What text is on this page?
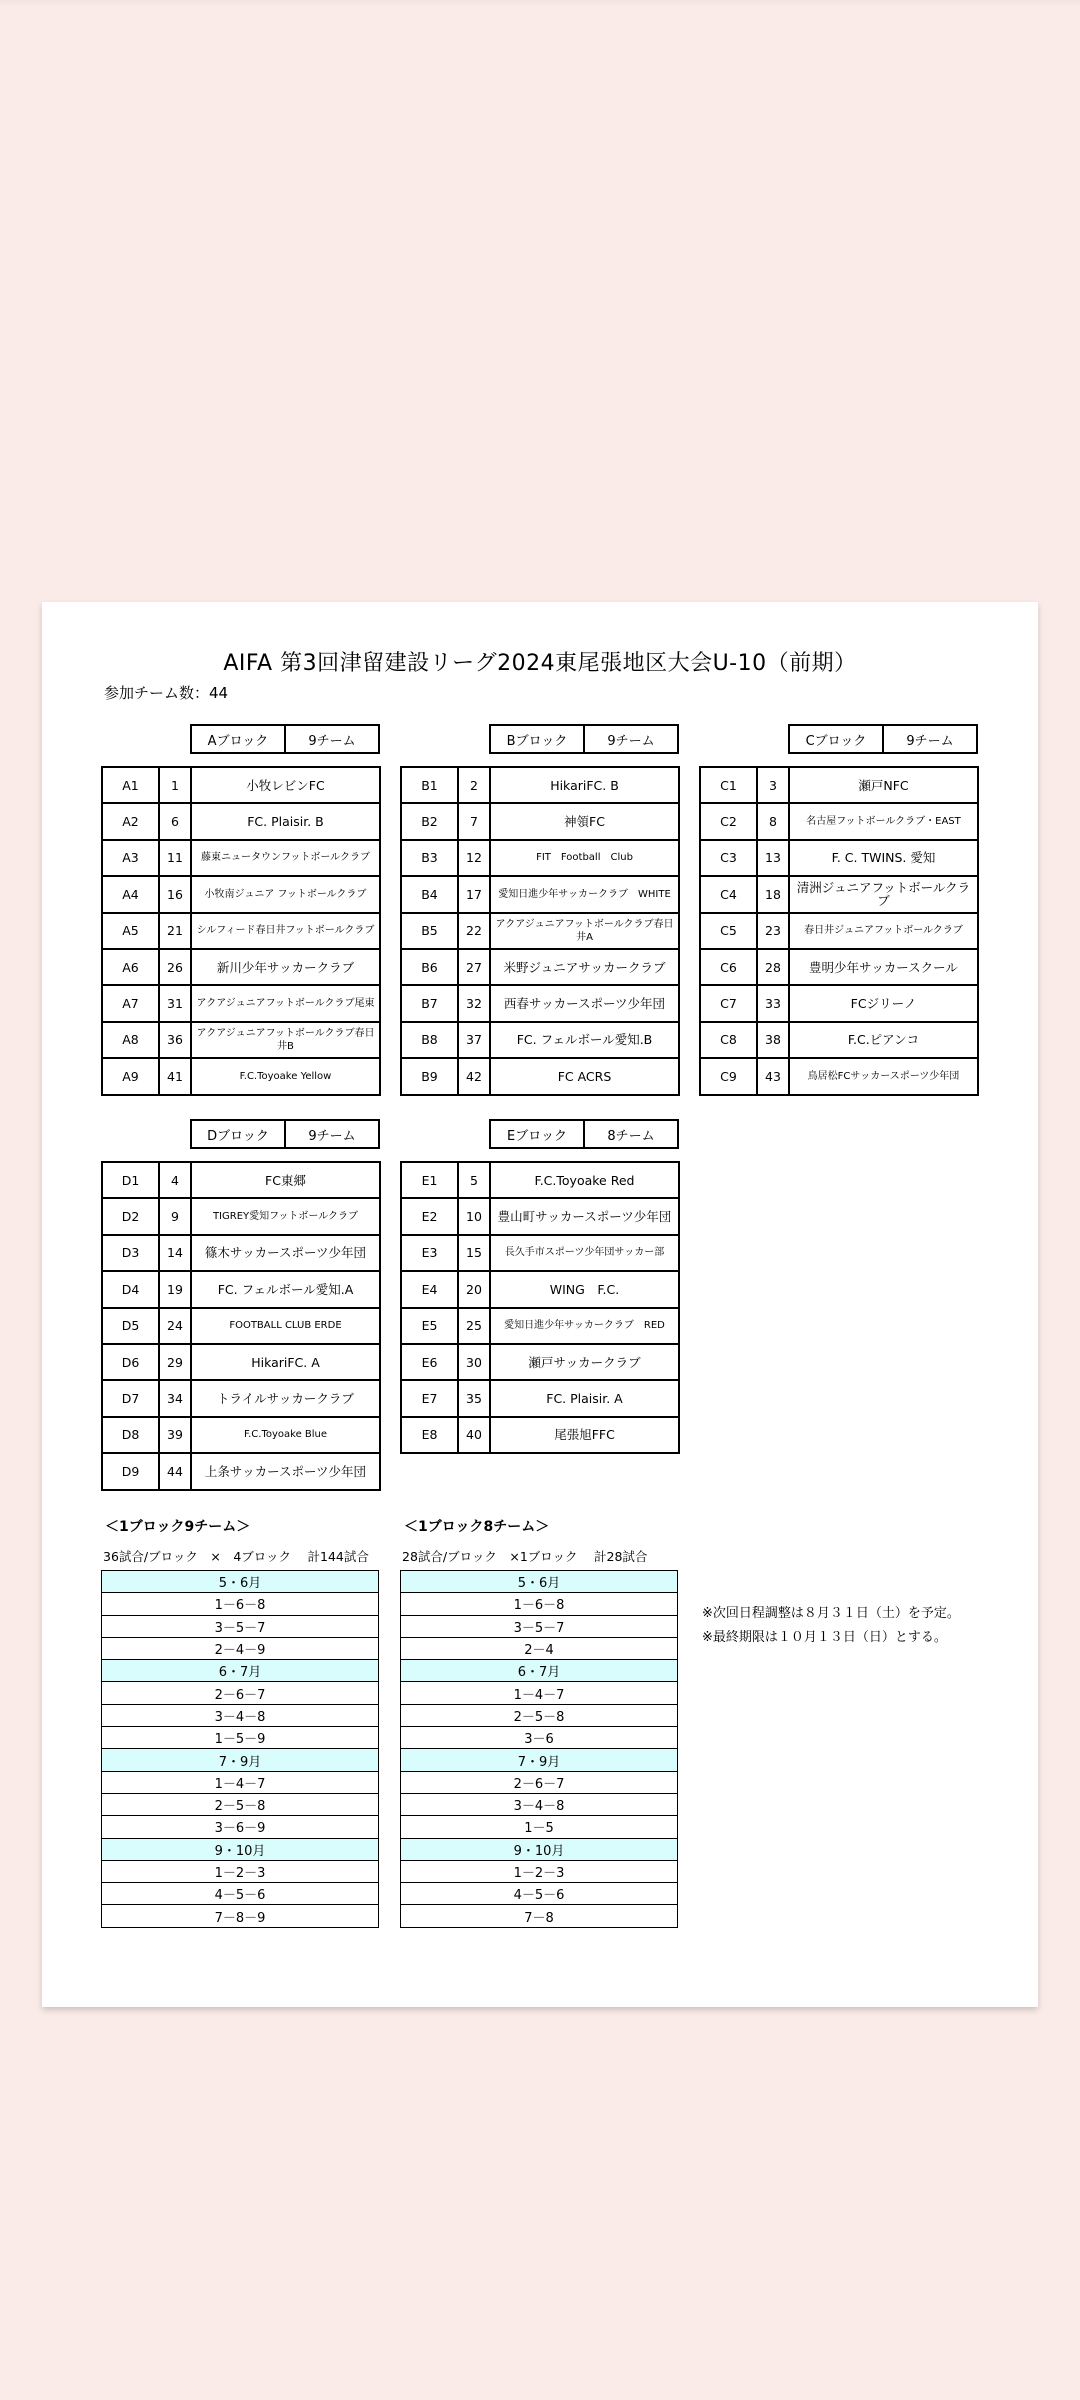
AIFA 第3回津留建設リーグ2024東尾張地区大会U-10（前期）
参加チーム数：44
Aブロック	9チーム
A1	1	小牧レビンFC
A2	6	FC. Plaisir. B
A3	11	藤東ニュータウンフットボールクラブ
A4	16	小牧南ジュニア フットボールクラブ
A5	21	シルフィード春日井フットボールクラブ
A6	26	新川少年サッカークラブ
A7	31	アクアジュニアフットボールクラブ尾東
A8	36	アクアジュニアフットボールクラブ春日井B
A9	41	F.C.Toyoake Yellow
Bブロック	9チーム
B1	2	HikariFC. B
B2	7	神領FC
B3	12	FIT　Football　Club
B4	17	愛知日進少年サッカークラブ　WHITE
B5	22	アクアジュニアフットボールクラブ春日井A
B6	27	米野ジュニアサッカークラブ
B7	32	西春サッカースポーツ少年団
B8	37	FC. フェルボール愛知.B
B9	42	FC ACRS
Cブロック	9チーム
C1	3	瀬戸NFC
C2	8	名古屋フットボールクラブ・EAST
C3	13	F. C. TWINS. 愛知
C4	18	清洲ジュニアフットボールクラブ
C5	23	春日井ジュニアフットボールクラブ
C6	28	豊明少年サッカースクール
C7	33	FCジリーノ
C8	38	F.C.ピアンコ
C9	43	鳥居松FCサッカースポーツ少年団
Dブロック	9チーム
D1	4	FC東郷
D2	9	TIGREY愛知フットボールクラブ
D3	14	篠木サッカースポーツ少年団
D4	19	FC. フェルボール愛知.A
D5	24	FOOTBALL CLUB ERDE
D6	29	HikariFC. A
D7	34	トライルサッカークラブ
D8	39	F.C.Toyoake Blue
D9	44	上条サッカースポーツ少年団
Eブロック	8チーム
E1	5	F.C.Toyoake Red
E2	10	豊山町サッカースポーツ少年団
E3	15	長久手市スポーツ少年団サッカー部
E4	20	WING　F.C.
E5	25	愛知日進少年サッカークラブ　RED
E6	30	瀬戸サッカークラブ
E7	35	FC. Plaisir. A
E8	40	尾張旭FFC
＜1ブロック9チーム＞
36試合/ブロック　×　4ブロック　 計144試合
5・6月
1－6－8
3－5－7
2－4－9
6・7月
2－6－7
3－4－8
1－5－9
7・9月
1－4－7
2－5－8
3－6－9
9・10月
1－2－3
4－5－6
7－8－9
＜1ブロック8チーム＞
28試合/ブロック　×1ブロック　 計28試合
5・6月
1－6－8
3－5－7
2－4
6・7月
1－4－7
2－5－8
3－6
7・9月
2－6－7
3－4－8
1－5
9・10月
1－2－3
4－5－6
7－8
※次回日程調整は８月３１日（土）を予定。
※最終期限は１０月１３日（日）とする。
